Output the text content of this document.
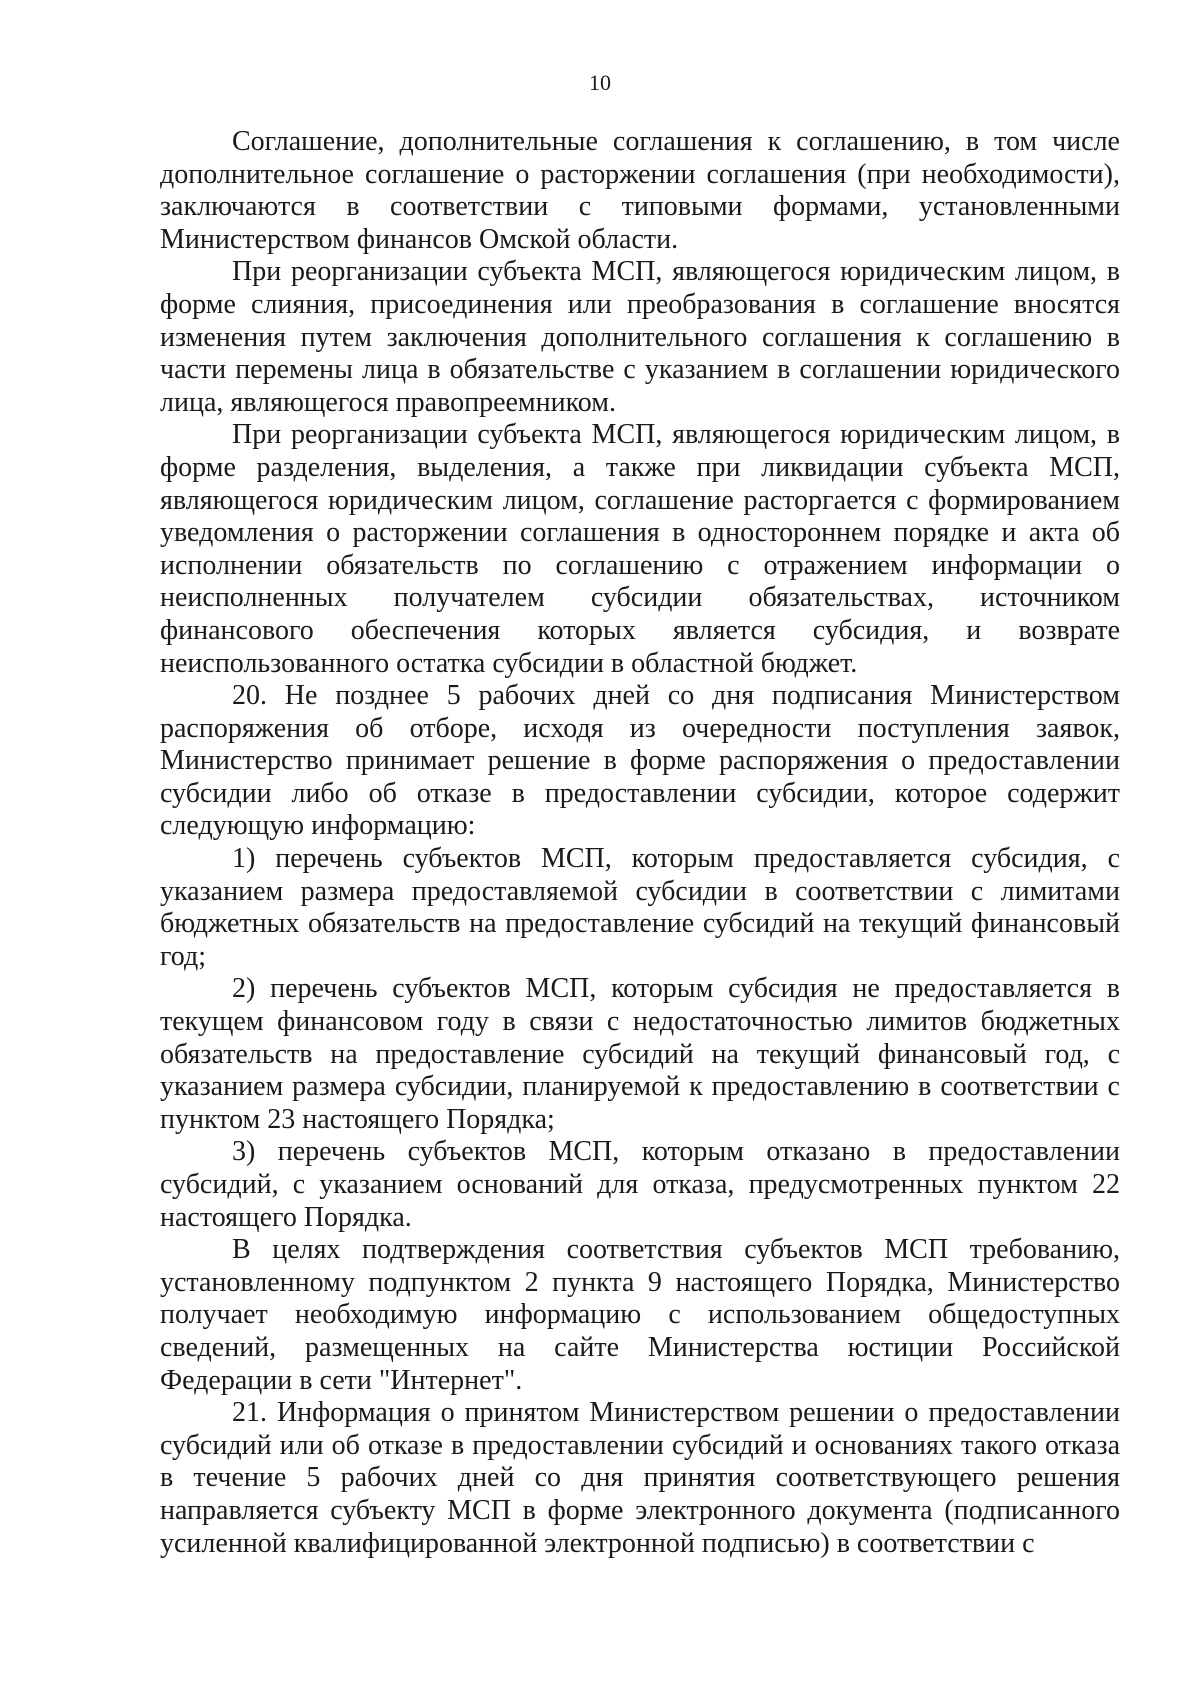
10

Соглашение, дополнительные соглашения к соглашению, в том числе дополнительное соглашение о расторжении соглашения (при необходимости), заключаются в соответствии с типовыми формами, установленными Министерством финансов Омской области.

При реорганизации субъекта МСП, являющегося юридическим лицом, в форме слияния, присоединения или преобразования в соглашение вносятся изменения путем заключения дополнительного соглашения к соглашению в части перемены лица в обязательстве с указанием в соглашении юридического лица, являющегося правопреемником.

При реорганизации субъекта МСП, являющегося юридическим лицом, в форме разделения, выделения, а также при ликвидации субъекта МСП, являющегося юридическим лицом, соглашение расторгается с формированием уведомления о расторжении соглашения в одностороннем порядке и акта об исполнении обязательств по соглашению с отражением информации о неисполненных получателем субсидии обязательствах, источником финансового обеспечения которых является субсидия, и возврате неиспользованного остатка субсидии в областной бюджет.

20. Не позднее 5 рабочих дней со дня подписания Министерством распоряжения об отборе, исходя из очередности поступления заявок, Министерство принимает решение в форме распоряжения о предоставлении субсидии либо об отказе в предоставлении субсидии, которое содержит следующую информацию:

1) перечень субъектов МСП, которым предоставляется субсидия, с указанием размера предоставляемой субсидии в соответствии с лимитами бюджетных обязательств на предоставление субсидий на текущий финансовый год;

2) перечень субъектов МСП, которым субсидия не предоставляется в текущем финансовом году в связи с недостаточностью лимитов бюджетных обязательств на предоставление субсидий на текущий финансовый год, с указанием размера субсидии, планируемой к предоставлению в соответствии с пунктом 23 настоящего Порядка;

3) перечень субъектов МСП, которым отказано в предоставлении субсидий, с указанием оснований для отказа, предусмотренных пунктом 22 настоящего Порядка.

В целях подтверждения соответствия субъектов МСП требованию, установленному подпунктом 2 пункта 9 настоящего Порядка, Министерство получает необходимую информацию с использованием общедоступных сведений, размещенных на сайте Министерства юстиции Российской Федерации в сети "Интернет".

21. Информация о принятом Министерством решении о предоставлении субсидий или об отказе в предоставлении субсидий и основаниях такого отказа в течение 5 рабочих дней со дня принятия соответствующего решения направляется субъекту МСП в форме электронного документа (подписанного усиленной квалифицированной электронной подписью) в соответствии с
